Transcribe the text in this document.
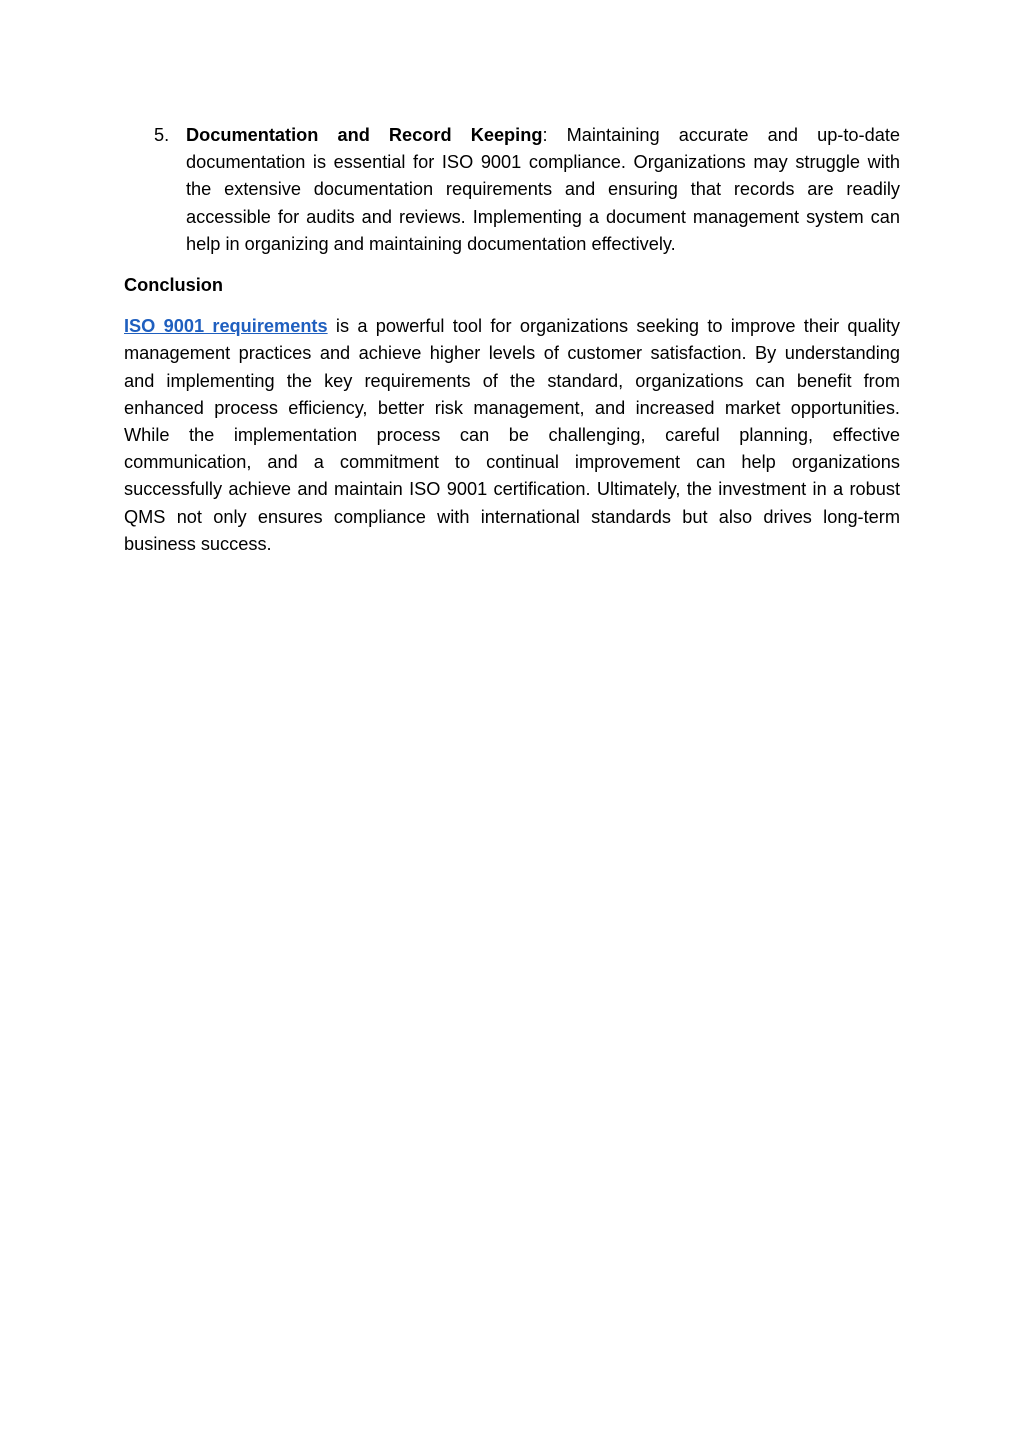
5. Documentation and Record Keeping: Maintaining accurate and up-to-date documentation is essential for ISO 9001 compliance. Organizations may struggle with the extensive documentation requirements and ensuring that records are readily accessible for audits and reviews. Implementing a document management system can help in organizing and maintaining documentation effectively.
Conclusion
ISO 9001 requirements is a powerful tool for organizations seeking to improve their quality management practices and achieve higher levels of customer satisfaction. By understanding and implementing the key requirements of the standard, organizations can benefit from enhanced process efficiency, better risk management, and increased market opportunities. While the implementation process can be challenging, careful planning, effective communication, and a commitment to continual improvement can help organizations successfully achieve and maintain ISO 9001 certification. Ultimately, the investment in a robust QMS not only ensures compliance with international standards but also drives long-term business success.
